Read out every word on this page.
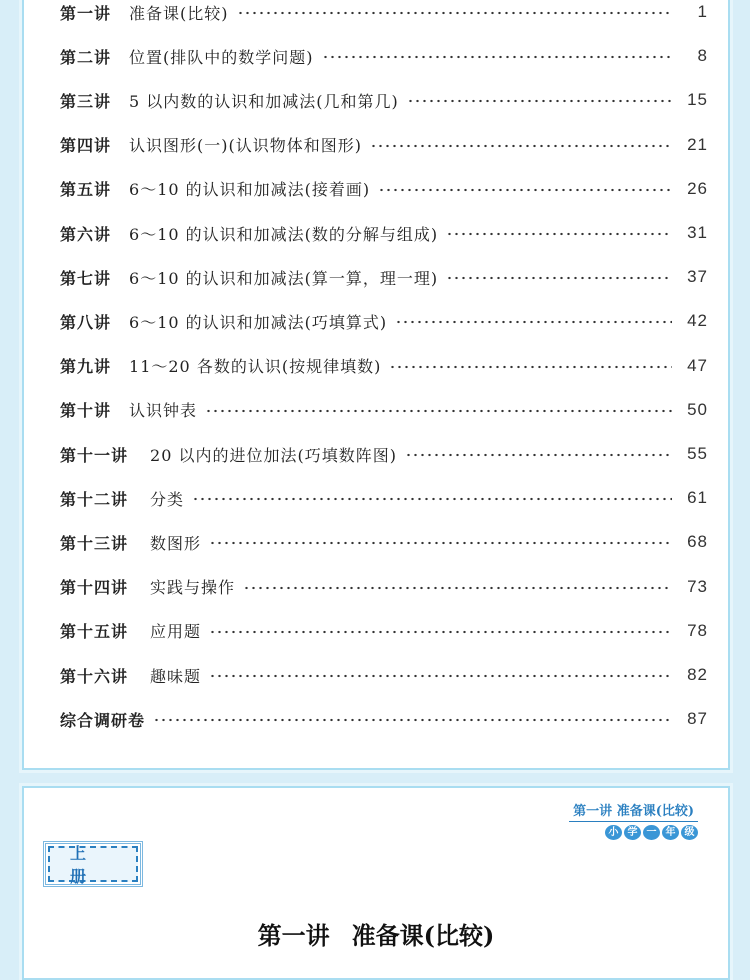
第一讲 准备课(比较)	1
第二讲 位置(排队中的数学问题)	8
第三讲 5 以内数的认识和加减法(几和第几)	15
第四讲 认识图形(一)(认识物体和图形)	21
第五讲 6～10 的认识和加减法(接着画)	26
第六讲 6～10 的认识和加减法(数的分解与组成)	31
第七讲 6～10 的认识和加减法(算一算，理一理)	37
第八讲 6～10 的认识和加减法(巧填算式)	42
第九讲 11～20 各数的认识(按规律填数)	47
第十讲 认识钟表	50
第十一讲 20 以内的进位加法(巧填数阵图)	55
第十二讲 分类	61
第十三讲 数图形	68
第十四讲 实践与操作	73
第十五讲 应用题	78
第十六讲 趣味题	82
综合调研卷	87
第一讲 准备课(比较)
小 学 一 年 级
上册
第一讲 准备课(比较)
